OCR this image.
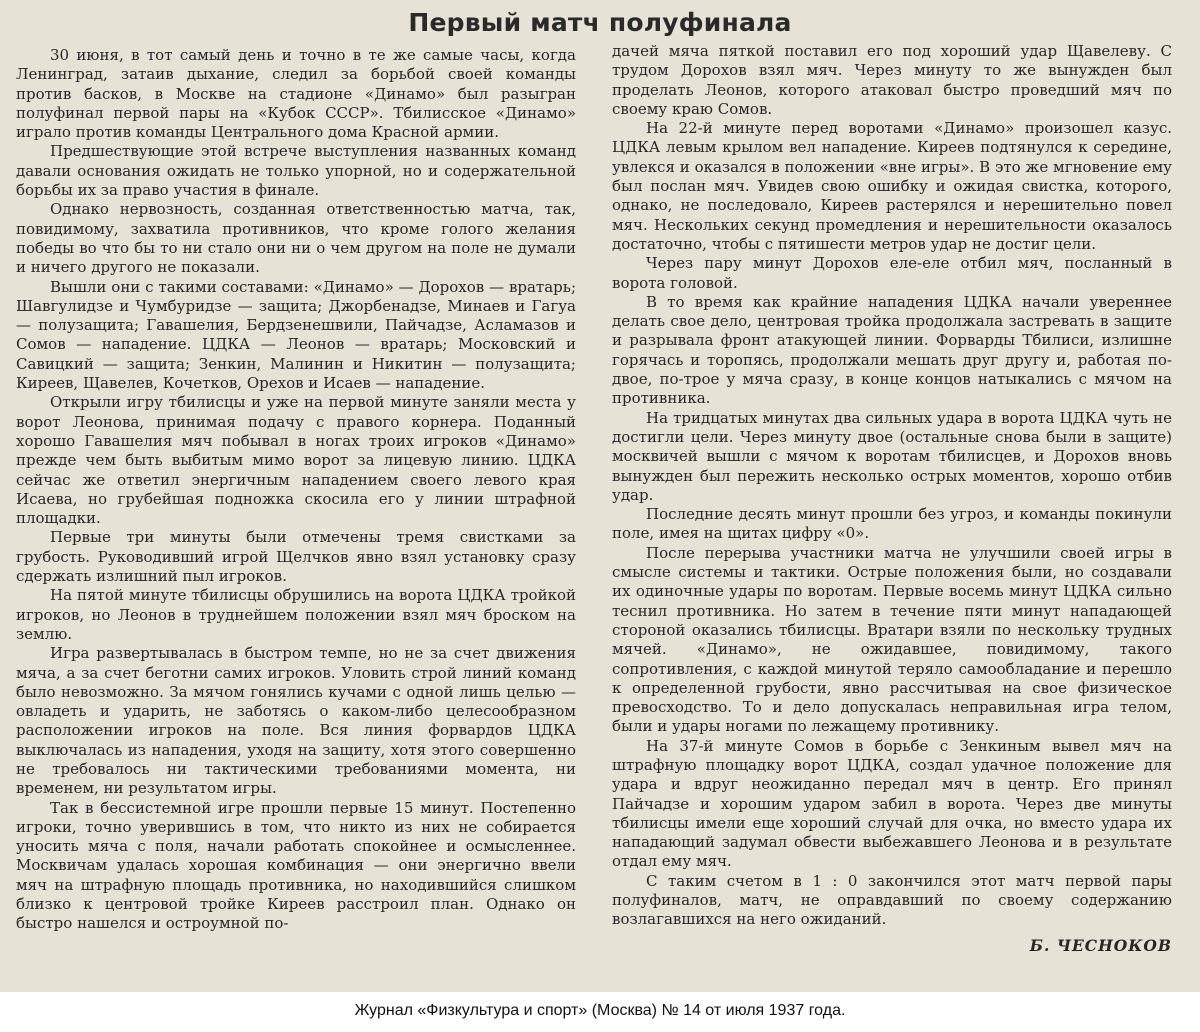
Первый матч полуфинала

30 июня, в тот самый день и точно в те же самые часы, когда Ленинград, затаив дыхание, следил за борьбой своей команды против басков, в Москве на стадионе «Динамо» был разыгран полуфинал первой пары на «Кубок СССР». Тбилисское «Динамо» играло против команды Центрального дома Красной армии.

Предшествующие этой встрече выступления названных команд давали основания ожидать не только упорной, но и содержательной борьбы их за право участия в финале.

Однако нервозность, созданная ответственностью матча, так, повидимому, захватила противников, что кроме голого желания победы во что бы то ни стало они ни о чем другом на поле не думали и ничего другого не показали.

Вышли они с такими составами: «Динамо» — Дорохов — вратарь; Шавгулидзе и Чумбуридзе — защита; Джорбенадзе, Минаев и Гагуа — полузащита; Гавашелия, Бердзенешвили, Пайчадзе, Асламазов и Сомов — нападение. ЦДКА — Леонов — вратарь; Московский и Савицкий — защита; Зенкин, Малинин и Никитин — полузащита; Киреев, Щавелев, Кочетков, Орехов и Исаев — нападение.

Открыли игру тбилисцы и уже на первой минуте заняли места у ворот Леонова, принимая подачу с правого корнера. Поданный хорошо Гавашелия мяч побывал в ногах троих игроков «Динамо» прежде чем быть выбитым мимо ворот за лицевую линию. ЦДКА сейчас же ответил энергичным нападением своего левого края Исаева, но грубейшая подножка скосила его у линии штрафной площадки.

Первые три минуты были отмечены тремя свистками за грубость. Руководивший игрой Щелчков явно взял установку сразу сдержать излишний пыл игроков.

На пятой минуте тбилисцы обрушились на ворота ЦДКА тройкой игроков, но Леонов в труднейшем положении взял мяч броском на землю.

Игра развертывалась в быстром темпе, но не за счет движения мяча, а за счет беготни самих игроков. Уловить строй линий команд было невозможно. За мячом гонялись кучами с одной лишь целью — овладеть и ударить, не заботясь о каком-либо целесообразном расположении игроков на поле. Вся линия форвардов ЦДКА выключалась из нападения, уходя на защиту, хотя этого совершенно не требовалось ни тактическими требованиями момента, ни временем, ни результатом игры.

Так в бессистемной игре прошли первые 15 минут. Постепенно игроки, точно уверившись в том, что никто из них не собирается уносить мяча с поля, начали работать спокойнее и осмысленнее. Москвичам удалась хорошая комбинация — они энергично ввели мяч на штрафную площадь противника, но находившийся слишком близко к центровой тройке Киреев расстроил план. Однако он быстро нашелся и остроумной по-

дачей мяча пяткой поставил его под хороший удар Щавелеву. С трудом Дорохов взял мяч. Через минуту то же вынужден был проделать Леонов, которого атаковал быстро проведший мяч по своему краю Сомов.

На 22-й минуте перед воротами «Динамо» произошел казус. ЦДКА левым крылом вел нападение. Киреев подтянулся к середине, увлекся и оказался в положении «вне игры». В это же мгновение ему был послан мяч. Увидев свою ошибку и ожидая свистка, которого, однако, не последовало, Киреев растерялся и нерешительно повел мяч. Нескольких секунд промедления и нерешительности оказалось достаточно, чтобы с пятишести метров удар не достиг цели.

Через пару минут Дорохов еле-еле отбил мяч, посланный в ворота головой.

В то время как крайние нападения ЦДКА начали увереннее делать свое дело, центровая тройка продолжала застревать в защите и разрывала фронт атакующей линии. Форварды Тбилиси, излишне горячась и торопясь, продолжали мешать друг другу и, работая по-двое, по-трое у мяча сразу, в конце концов натыкались с мячом на противника.

На тридцатых минутах два сильных удара в ворота ЦДКА чуть не достигли цели. Через минуту двое (остальные снова были в защите) москвичей вышли с мячом к воротам тбилисцев, и Дорохов вновь вынужден был пережить несколько острых моментов, хорошо отбив удар.

Последние десять минут прошли без угроз, и команды покинули поле, имея на щитах цифру «0».

После перерыва участники матча не улучшили своей игры в смысле системы и тактики. Острые положения были, но создавали их одиночные удары по воротам. Первые восемь минут ЦДКА сильно теснил противника. Но затем в течение пяти минут нападающей стороной оказались тбилисцы. Вратари взяли по нескольку трудных мячей. «Динамо», не ожидавшее, повидимому, такого сопротивления, с каждой минутой теряло самообладание и перешло к определенной грубости, явно рассчитывая на свое физическое превосходство. То и дело допускалась неправильная игра телом, были и удары ногами по лежащему противнику.

На 37-й минуте Сомов в борьбе с Зенкиным вывел мяч на штрафную площадку ворот ЦДКА, создал удачное положение для удара и вдруг неожиданно передал мяч в центр. Его принял Пайчадзе и хорошим ударом забил в ворота. Через две минуты тбилисцы имели еще хороший случай для очка, но вместо удара их нападающий задумал обвести выбежавшего Леонова и в результате отдал ему мяч.

С таким счетом в 1 : 0 закончился этот матч первой пары полуфиналов, матч, не оправдавший по своему содержанию возлагавшихся на него ожиданий.

Б. ЧЕСНОКОВ
Журнал «Физкультура и спорт» (Москва) № 14 от июля 1937 года.
